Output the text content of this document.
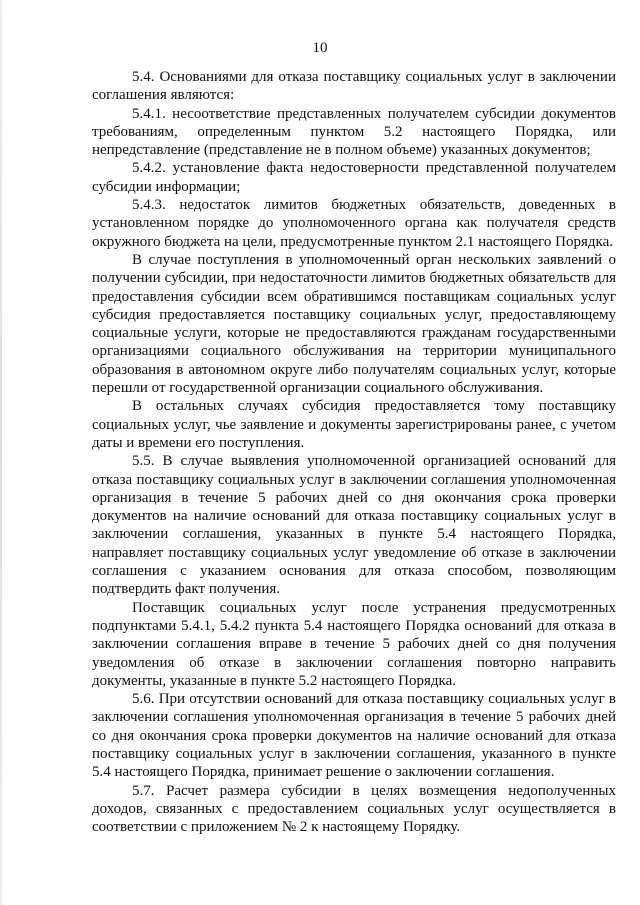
10

5.4. Основаниями для отказа поставщику социальных услуг в заключении соглашения являются:

5.4.1. несоответствие представленных получателем субсидии документов требованиям, определенным пунктом 5.2 настоящего Порядка, или непредставление (представление не в полном объеме) указанных документов;

5.4.2. установление факта недостоверности представленной получателем субсидии информации;

5.4.3. недостаток лимитов бюджетных обязательств, доведенных в установленном порядке до уполномоченного органа как получателя средств окружного бюджета на цели, предусмотренные пунктом 2.1 настоящего Порядка.

В случае поступления в уполномоченный орган нескольких заявлений о получении субсидии, при недостаточности лимитов бюджетных обязательств для предоставления субсидии всем обратившимся поставщикам социальных услуг субсидия предоставляется поставщику социальных услуг, предоставляющему социальные услуги, которые не предоставляются гражданам государственными организациями социального обслуживания на территории муниципального образования в автономном округе либо получателям социальных услуг, которые перешли от государственной организации социального обслуживания.

В остальных случаях субсидия предоставляется тому поставщику социальных услуг, чье заявление и документы зарегистрированы ранее, с учетом даты и времени его поступления.

5.5. В случае выявления уполномоченной организацией оснований для отказа поставщику социальных услуг в заключении соглашения уполномоченная организация в течение 5 рабочих дней со дня окончания срока проверки документов на наличие оснований для отказа поставщику социальных услуг в заключении соглашения, указанных в пункте 5.4 настоящего Порядка, направляет поставщику социальных услуг уведомление об отказе в заключении соглашения с указанием основания для отказа способом, позволяющим подтвердить факт получения.

Поставщик социальных услуг после устранения предусмотренных подпунктами 5.4.1, 5.4.2 пункта 5.4 настоящего Порядка оснований для отказа в заключении соглашения вправе в течение 5 рабочих дней со дня получения уведомления об отказе в заключении соглашения повторно направить документы, указанные в пункте 5.2 настоящего Порядка.

5.6. При отсутствии оснований для отказа поставщику социальных услуг в заключении соглашения уполномоченная организация в течение 5 рабочих дней со дня окончания срока проверки документов на наличие оснований для отказа поставщику социальных услуг в заключении соглашения, указанного в пункте 5.4 настоящего Порядка, принимает решение о заключении соглашения.

5.7. Расчет размера субсидии в целях возмещения недополученных доходов, связанных с предоставлением социальных услуг осуществляется в соответствии с приложением № 2 к настоящему Порядку.
